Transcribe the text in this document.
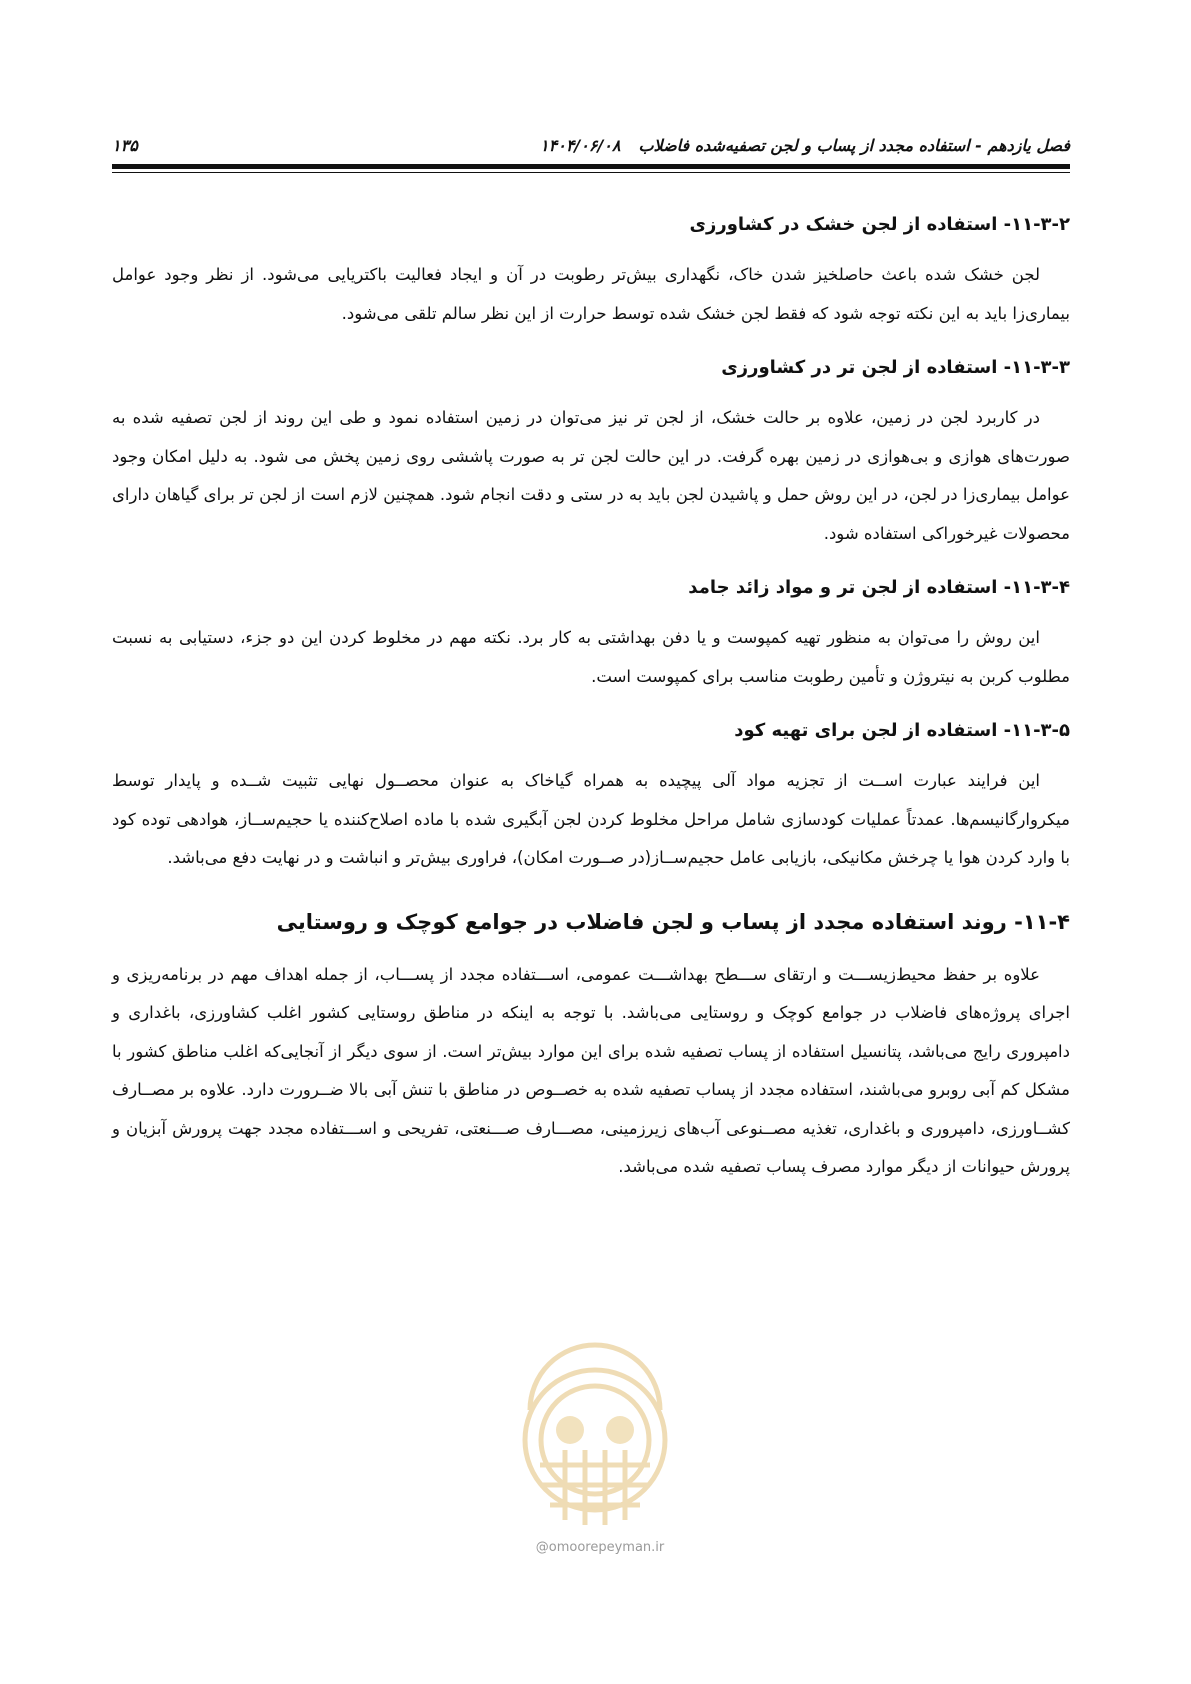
فصل یازدهم - استفاده مجدد از پساب و لجن تصفیه‌شده فاضلاب
۱۴۰۴/۰۶/۰۸
۱۳۵
۱۱-۳-۲- استفاده از لجن خشک در کشاورزی

لجن خشک شده باعث حاصلخیز شدن خاک، نگهداری بیش‌تر رطوبت در آن و ایجاد فعالیت باکتریایی می‌شود. از نظر وجود عوامل بیماری‌زا باید به این نکته توجه شود که فقط لجن خشک شده توسط حرارت از این نظر سالم تلقی می‌شود.

۱۱-۳-۳- استفاده از لجن تر در کشاورزی

در کاربرد لجن در زمین، علاوه بر حالت خشک، از لجن تر نیز می‌توان در زمین استفاده نمود و طی این روند از لجن تصفیه شده به صورت‌های هوازی و بی‌هوازی در زمین بهره گرفت. در این حالت لجن تر به صورت پاششی روی زمین پخش می شود. به دلیل امکان وجود عوامل بیماری‌زا در لجن، در این روش حمل و پاشیدن لجن باید به در ستی و دقت انجام شود. همچنین لازم است از لجن تر برای گیاهان دارای محصولات غیرخوراکی استفاده شود.

۱۱-۳-۴- استفاده از لجن تر و مواد زائد جامد

این روش را می‌توان به منظور تهیه کمپوست و یا دفن بهداشتی به کار برد. نکته مهم در مخلوط کردن این دو جزء، دستیابی به نسبت مطلوب کربن به نیتروژن و تأمین رطوبت مناسب برای کمپوست است.

۱۱-۳-۵- استفاده از لجن برای تهیه کود

این فرایند عبارت اســت از تجزیه مواد آلی پیچیده به همراه گیاخاک به عنوان محصــول نهایی تثبیت شــده و پایدار توسط میکروارگانیسم‌ها. عمدتاً عملیات کودسازی شامل مراحل مخلوط کردن لجن آبگیری شده با ماده اصلاح‌کننده یا حجیم‌ســاز، هوادهی توده کود با وارد کردن هوا یا چرخش مکانیکی، بازیابی عامل حجیم‌ســاز(در صــورت امکان)، فراوری بیش‌تر و انباشت و در نهایت دفع می‌باشد.

۱۱-۴- روند استفاده مجدد از پساب و لجن فاضلاب در جوامع کوچک و روستایی

علاوه بر حفظ محیط‌زیســـت و ارتقای ســـطح بهداشـــت عمومی، اســـتفاده مجدد از پســـاب، از جمله اهداف مهم در برنامه‌ریزی و اجرای پروژه‌های فاضلاب در جوامع کوچک و روستایی می‌باشد. با توجه به اینکه در مناطق روستایی کشور اغلب کشاورزی، باغداری و دامپروری رایج می‌باشد، پتانسیل استفاده از پساب تصفیه شده برای این موارد بیش‌تر است. از سوی دیگر از آنجایی‌که اغلب مناطق کشور با مشکل کم آبی روبرو می‌باشند، استفاده مجدد از پساب تصفیه شده به خصــوص در مناطق با تنش آبی بالا ضــرورت دارد. علاوه بر مصــارف کشــاورزی، دامپروری و باغداری، تغذیه مصــنوعی آب‌های زیرزمینی، مصـــارف صـــنعتی، تفریحی و اســـتفاده مجدد جهت پرورش آبزیان و پرورش حیوانات از دیگر موارد مصرف پساب تصفیه شده می‌باشد.

@omoorepeyman.ir
